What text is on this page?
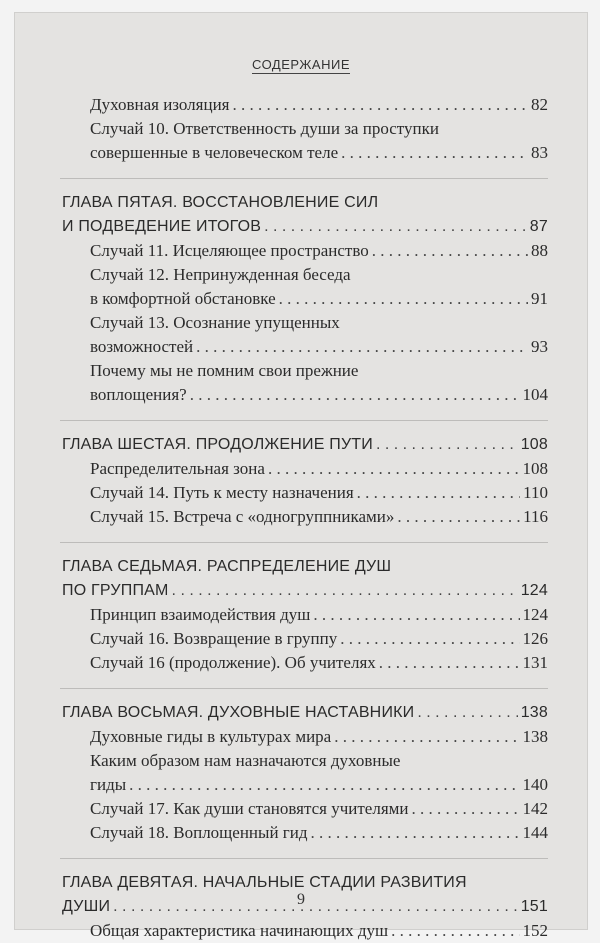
СОДЕРЖАНИЕ
Духовная изоляция . . .	82
Случай 10. Ответственность души за проступки
совершенные в человеческом теле . . .	83
ГЛАВА ПЯТАЯ. ВОССТАНОВЛЕНИЕ СИЛ
И ПОДВЕДЕНИЕ ИТОГОВ . . .	87
Случай 11. Исцеляющее пространство . . .	88
Случай 12. Непринужденная беседа
в комфортной обстановке . . .	91
Случай 13. Осознание упущенных
возможностей . . .	93
Почему мы не помним свои прежние
воплощения? . . .	104
ГЛАВА ШЕСТАЯ. ПРОДОЛЖЕНИЕ ПУТИ . . .	108
Распределительная зона . . .	108
Случай 14. Путь к месту назначения . . .	110
Случай 15. Встреча с «одногруппниками» . . .	116
ГЛАВА СЕДЬМАЯ. РАСПРЕДЕЛЕНИЕ ДУШ
ПО ГРУППАМ . . .	124
Принцип взаимодействия душ . . .	124
Случай 16. Возвращение в группу . . .	126
Случай 16 (продолжение). Об учителях . . .	131
ГЛАВА ВОСЬМАЯ. ДУХОВНЫЕ НАСТАВНИКИ . . .	138
Духовные гиды в культурах мира . . .	138
Каким образом нам назначаются духовные
гиды . . .	140
Случай 17. Как души становятся учителями . . .	142
Случай 18. Воплощенный гид . . .	144
ГЛАВА ДЕВЯТАЯ. НАЧАЛЬНЫЕ СТАДИИ РАЗВИТИЯ
ДУШИ . . .	151
Общая характеристика начинающих душ . . .	152
9
